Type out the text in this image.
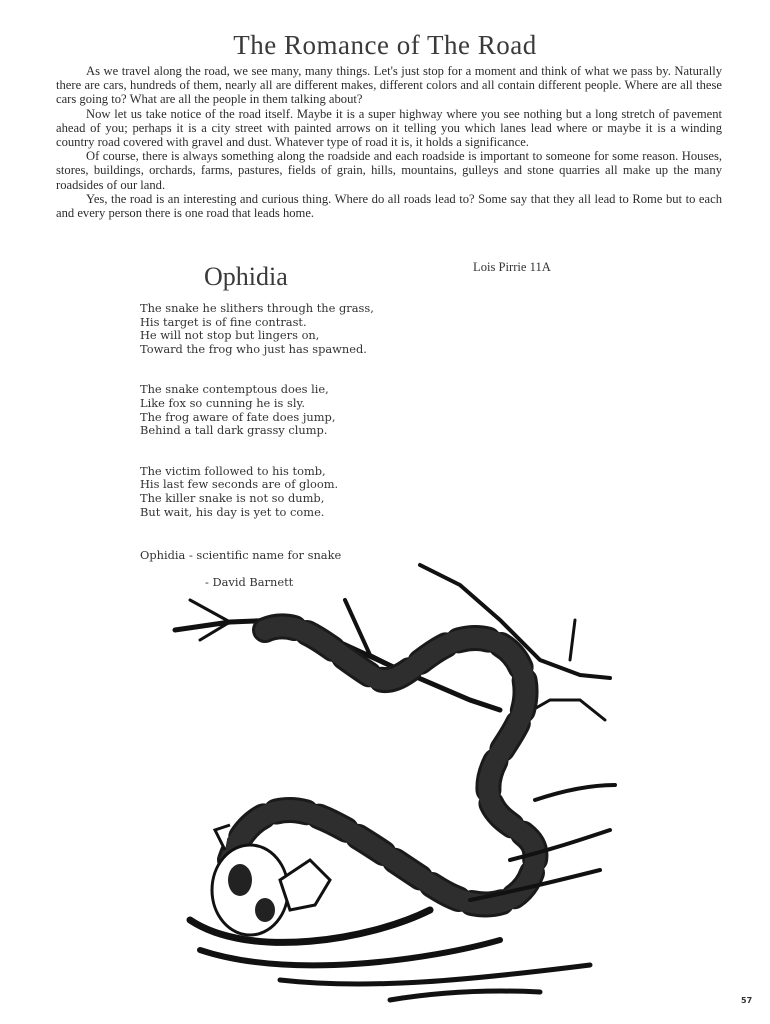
The Romance of The Road

As we travel along the road, we see many, many things. Let's just stop for a moment and think of what we pass by. Naturally there are cars, hundreds of them, nearly all are different makes, different colors and all contain different people. Where are all these cars going to? What are all the people in them talking about?

Now let us take notice of the road itself. Maybe it is a super highway where you see nothing but a long stretch of pavement ahead of you; perhaps it is a city street with painted arrows on it telling you which lanes lead where or maybe it is a winding country road covered with gravel and dust. Whatever type of road it is, it holds a significance.

Of course, there is always something along the roadside and each roadside is important to someone for some reason. Houses, stores, buildings, orchards, farms, pastures, fields of grain, hills, mountains, gulleys and stone quarries all make up the many roadsides of our land.

Yes, the road is an interesting and curious thing. Where do all roads lead to? Some say that they all lead to Rome but to each and every person there is one road that leads home.

Lois Pirrie 11A
Ophidia
The snake he slithers through the grass,
His target is of fine contrast.
He will not stop but lingers on,
Toward the frog who just has spawned.
The snake contemptous does lie,
Like fox so cunning he is sly.
The frog aware of fate does jump,
Behind a tall dark grassy clump.
The victim followed to his tomb,
His last few seconds are of gloom.
The killer snake is not so dumb,
But wait, his day is yet to come.
Ophidia - scientific name for snake
- David Barnett
57
